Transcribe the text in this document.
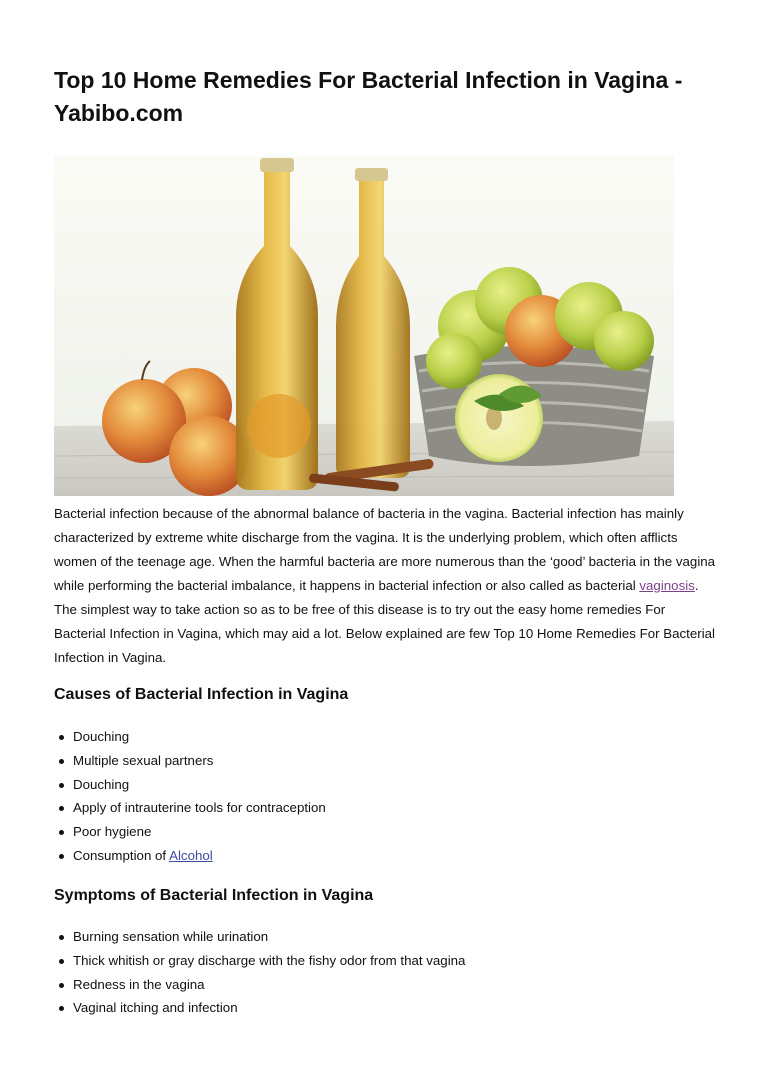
Top 10 Home Remedies For Bacterial Infection in Vagina - Yabibo.com

Bacterial infection because of the abnormal balance of bacteria in the vagina. Bacterial infection has mainly characterized by extreme white discharge from the vagina. It is the underlying problem, which often afflicts women of the teenage age. When the harmful bacteria are more numerous than the ‘good’ bacteria in the vagina while performing the bacterial imbalance, it happens in bacterial infection or also called as bacterial vaginosis. The simplest way to take action so as to be free of this disease is to try out the easy home remedies For Bacterial Infection in Vagina, which may aid a lot. Below explained are few Top 10 Home Remedies For Bacterial Infection in Vagina.

Causes of Bacterial Infection in Vagina
Douching
Multiple sexual partners
Douching
Apply of intrauterine tools for contraception
Poor hygiene
Consumption of Alcohol
Symptoms of Bacterial Infection in Vagina
Burning sensation while urination
Thick whitish or gray discharge with the fishy odor from that vagina
Redness in the vagina
Vaginal itching and infection
